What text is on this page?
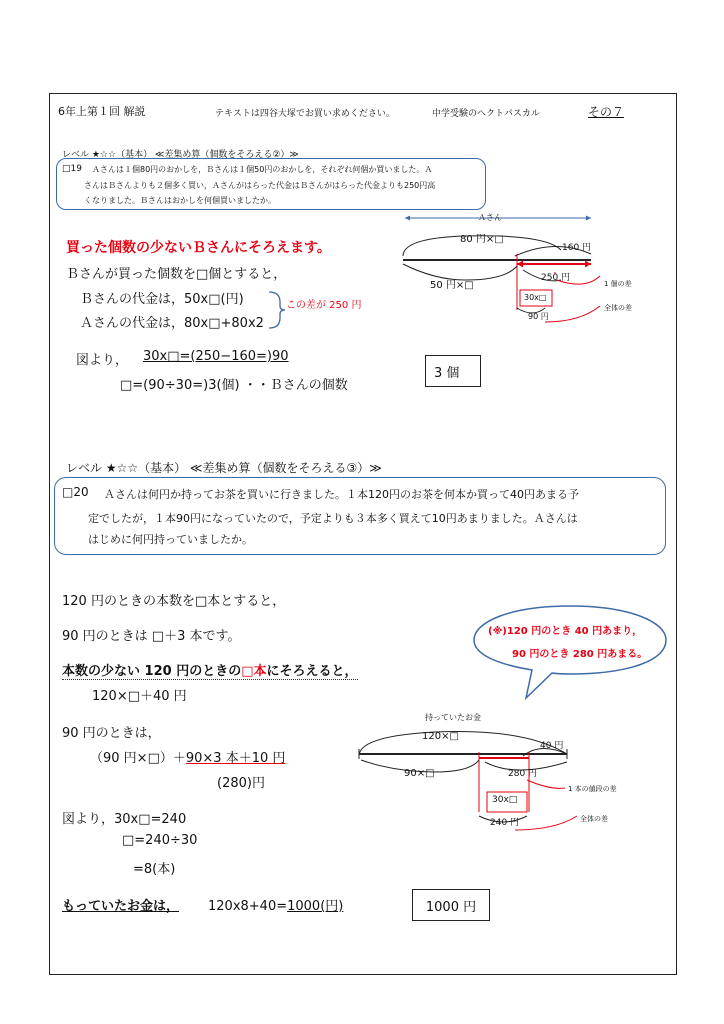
6年上第１回 解説	テキストは四谷大塚でお買い求めください。	中学受験のヘクトパスカル	その７
レベル ★☆☆（基本） ≪差集め算（個数をそろえる②）≫
□19 Ａさんは１個80円のおかしを，Ｂさんは１個50円のおかしを，それぞれ何個か買いました。Ａ
さんはＢさんよりも２個多く買い，Ａさんがはらった代金はＢさんがはらった代金よりも250円高
くなりました。Ｂさんはおかしを何個買いましたか。
買った個数の少ないＢさんにそろえます。
Ｂさんが買った個数を□個とすると，
Ｂさんの代金は，50x□(円)
Ａさんの代金は，80x□+80x2
この差が 250 円
図より， 30x□=(250−160=)90
□=(90÷30=)3(個) ・・Ｂさんの個数
3 個
Ａさん
80 円×□
160 円
50 円×□
250 円
30x□
90 円
1 個の差
全体の差
レベル ★☆☆（基本） ≪差集め算（個数をそろえる③）≫
□20 Ａさんは何円か持ってお茶を買いに行きました。１本120円のお茶を何本か買って40円あまる予
定でしたが，１本90円になっていたので，予定よりも３本多く買えて10円あまりました。Ａさんは
はじめに何円持っていましたか。
120 円のときの本数を□本とすると，
90 円のときは □＋3 本です。
本数の少ない 120 円のときの□本にそろえると，
120×□＋40 円
90 円のときは，
（90 円×□）＋90×3 本＋10 円
(280)円
図より，30x□=240
□=240÷30
=8(本)
もっていたお金は， 120x8+40=1000(円)	1000 円
(※)120 円のとき 40 円あまり，
90 円のとき 280 円あまる。
持っていたお金
120×□
40 円
90×□	280 円
30x□
240 円
1 本の値段の差
全体の差
